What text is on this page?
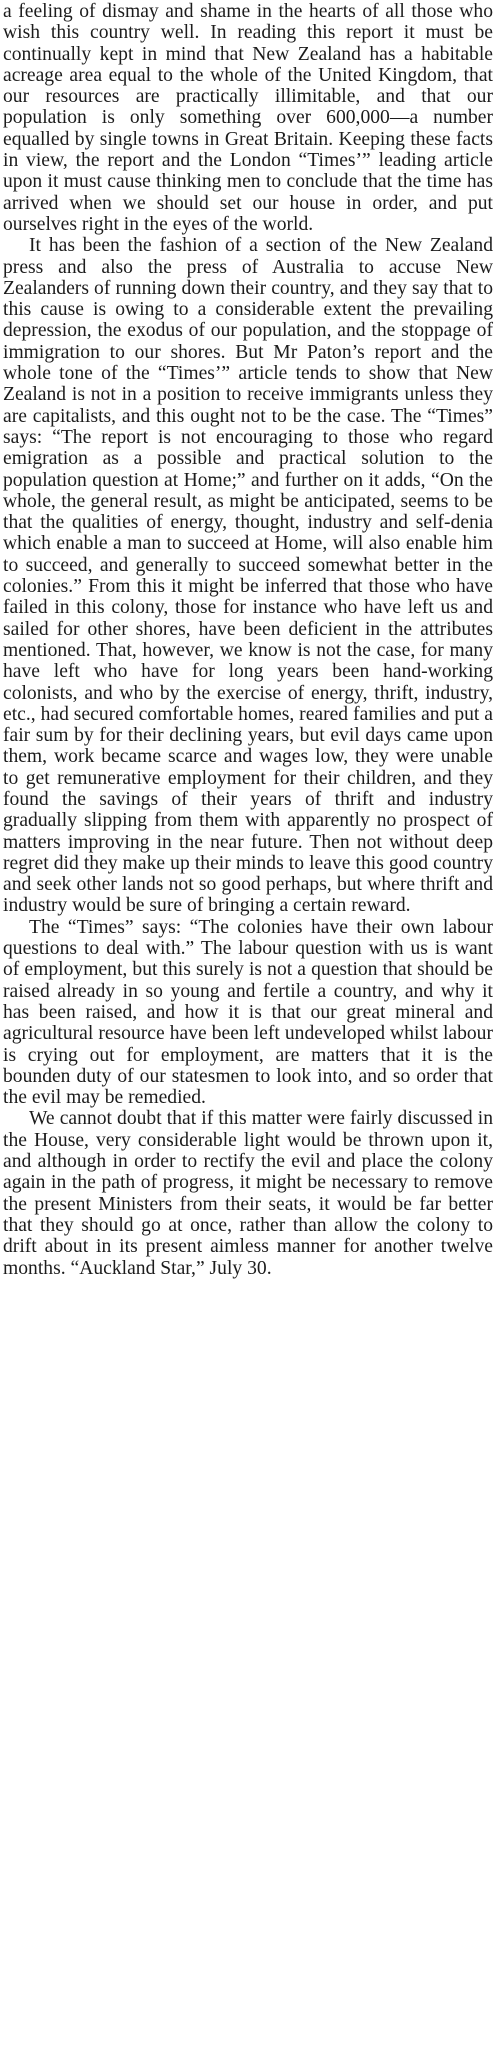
a feeling of dismay and shame in the hearts of all those who wish this country well. In reading this report it must be continually kept in mind that New Zealand has a habitable acreage area equal to the whole of the United Kingdom, that our resources are practically illimitable, and that our population is only something over 600,000—a number equalled by single towns in Great Britain. Keeping these facts in view, the report and the London “Times’” leading article upon it must cause thinking men to conclude that the time has arrived when we should set our house in order, and put ourselves right in the eyes of the world.

It has been the fashion of a section of the New Zealand press and also the press of Australia to accuse New Zealanders of running down their country, and they say that to this cause is owing to a considerable extent the prevailing depression, the exodus of our population, and the stoppage of immigration to our shores. But Mr Paton’s report and the whole tone of the “Times’” article tends to show that New Zealand is not in a position to receive immigrants unless they are capitalists, and this ought not to be the case. The “Times” says: “The report is not encouraging to those who regard emigration as a possible and practical solution to the population question at Home;” and further on it adds, “On the whole, the general result, as might be anticipated, seems to be that the qualities of energy, thought, industry and self-denia which enable a man to succeed at Home, will also enable him to succeed, and generally to succeed somewhat better in the colonies.” From this it might be inferred that those who have failed in this colony, those for instance who have left us and sailed for other shores, have been deficient in the attributes mentioned. That, however, we know is not the case, for many have left who have for long years been hand-working colonists, and who by the exercise of energy, thrift, industry, etc., had secured comfortable homes, reared families and put a fair sum by for their declining years, but evil days came upon them, work became scarce and wages low, they were unable to get remunerative employment for their children, and they found the savings of their years of thrift and industry gradually slipping from them with apparently no prospect of matters improving in the near future. Then not without deep regret did they make up their minds to leave this good country and seek other lands not so good perhaps, but where thrift and industry would be sure of bringing a certain reward.

The “Times” says: “The colonies have their own labour questions to deal with.” The labour question with us is want of employment, but this surely is not a question that should be raised already in so young and fertile a country, and why it has been raised, and how it is that our great mineral and agricultural resource have been left undeveloped whilst labour is crying out for employment, are matters that it is the bounden duty of our statesmen to look into, and so order that the evil may be remedied.

We cannot doubt that if this matter were fairly discussed in the House, very considerable light would be thrown upon it, and although in order to rectify the evil and place the colony again in the path of progress, it might be necessary to remove the present Ministers from their seats, it would be far better that they should go at once, rather than allow the colony to drift about in its present aimless manner for another twelve months. “Auckland Star,” July 30.
